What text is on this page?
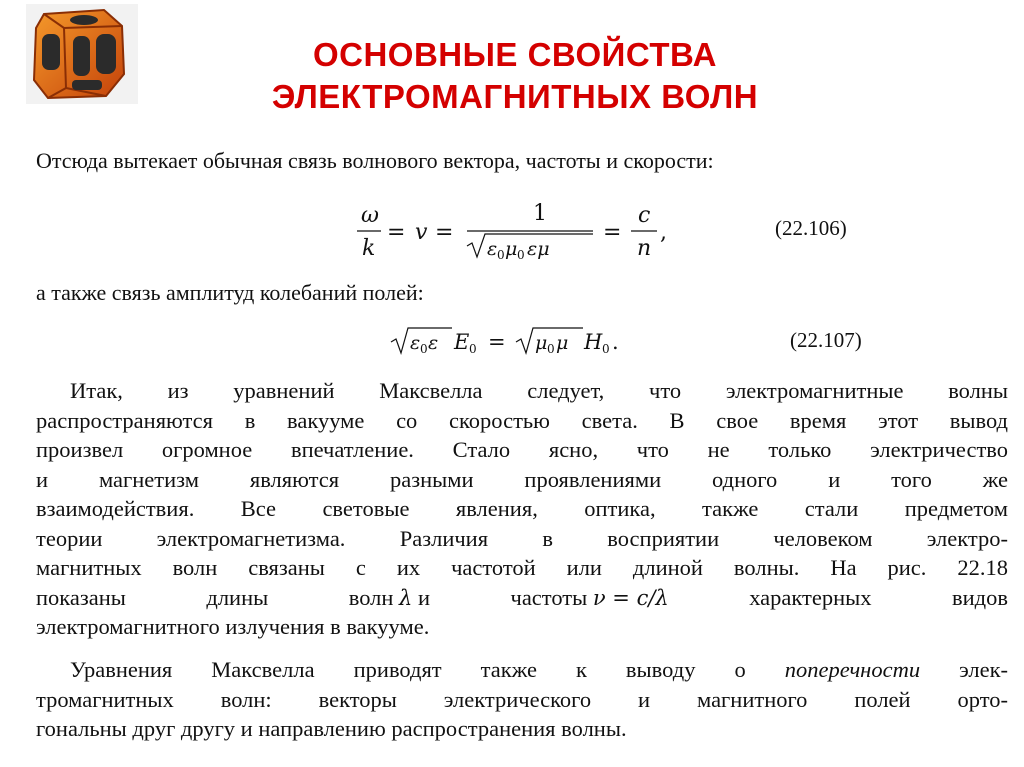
ОСНОВНЫЕ СВОЙСТВА
ЭЛЕКТРОМАГНИТНЫХ ВОЛН
Отсюда вытекает обычная связь волнового вектора, частоты и скорости:
ω
k
= v =
1
ε 0 μ 0 εμ
=
c
n
,	(22.106)
а также связь амплитуд колебаний полей:
ε 0 ε E 0 = μ 0 μ H 0 .	(22.107)
Итак, из уравнений Максвелла следует, что электромагнитные волны
распространяются в вакууме со скоростью света. В свое время этот вывод
произвел огромное впечатление. Стало ясно, что не только электричество
и магнетизм являются разными проявлениями одного и того же
взаимодействия. Все световые явления, оптика, также стали предметом
теории электромагнетизма. Различия в восприятии человеком электро-
магнитных волн связаны с их частотой или длиной волны. На рис. 22.18
показаны	длины	волн λ и	частоты ν = c/λ	характерных	видов
электромагнитного излучения в вакууме.
Уравнения Максвелла приводят также к выводу о поперечности элек-
тромагнитных волн: векторы электрического и магнитного полей орто-
гональны друг другу и направлению распространения волны.
